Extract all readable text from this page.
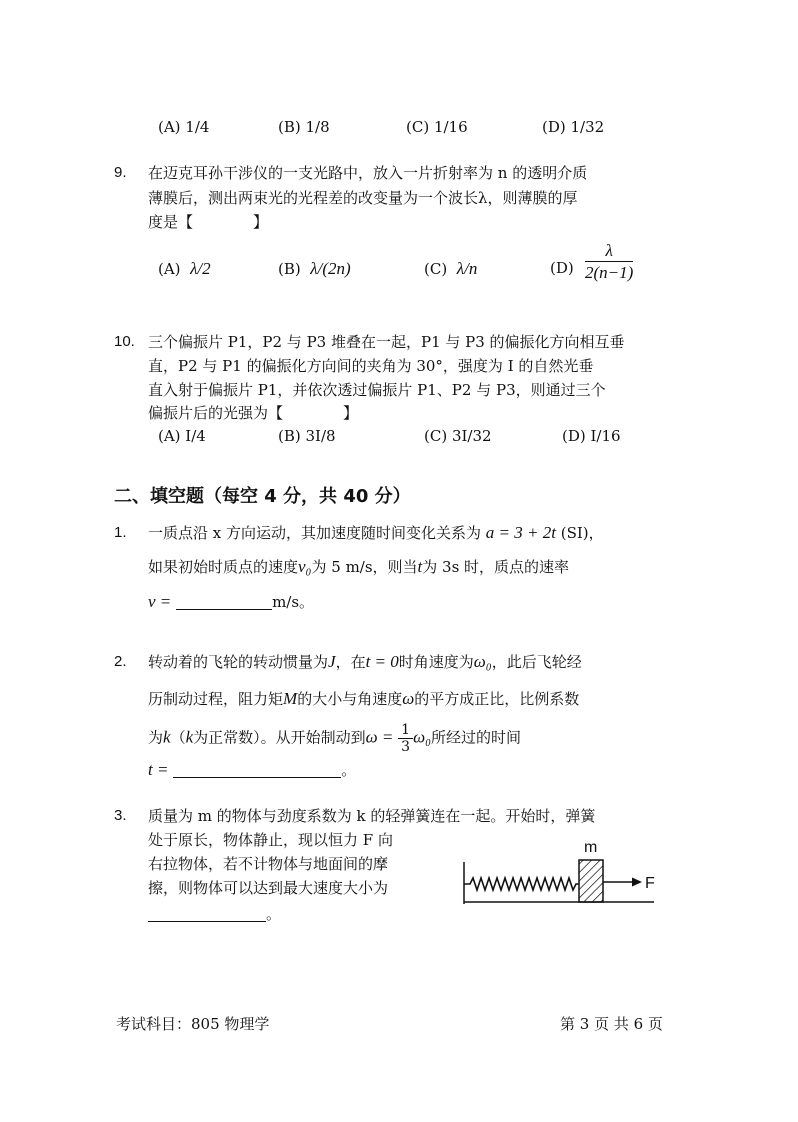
(A) 1/4	(B) 1/8	(C) 1/16	(D) 1/32
9. 在迈克耳孙干涉仪的一支光路中，放入一片折射率为 n 的透明介质
薄膜后，测出两束光的光程差的改变量为一个波长λ，则薄膜的厚
度是【　　　　】
(A) λ/2	(B) λ/(2n)	(C) λ/n	$(D) \frac{\lambda}{2(n-1)}$
10. 三个偏振片 P1，P2 与 P3 堆叠在一起，P1 与 P3 的偏振化方向相互垂
直，P2 与 P1 的偏振化方向间的夹角为 30°，强度为 I 的自然光垂
直入射于偏振片 P1，并依次透过偏振片 P1、P2 与 P3，则通过三个
偏振片后的光强为【　　　　】
(A) I/4	(B) 3I/8	(C) 3I/32	(D) I/16
二、填空题（每空 4 分，共 40 分）
1. 一质点沿 x 方向运动，其加速度随时间变化关系为 a = 3 + 2t (SI)，
如果初始时质点的速度v₀为 5 m/s，则当t为 3s 时，质点的速率
v =	m/s。
2. 转动着的飞轮的转动惯量为J，在t = 0时角速度为ω₀，此后飞轮经
历制动过程，阻力矩M的大小与角速度ω的平方成正比，比例系数
为k（k为正常数）。从开始制动到$\omega = \frac{1}{3} \omega_0$所经过的时间
t =	。
3. 质量为 m 的物体与劲度系数为 k 的轻弹簧连在一起。开始时，弹簧
处于原长，物体静止，现以恒力 F 向
右拉物体，若不计物体与地面间的摩
擦，则物体可以达到最大速度大小为
。
m
F
考试科目：805 物理学	第 3 页 共 6 页
